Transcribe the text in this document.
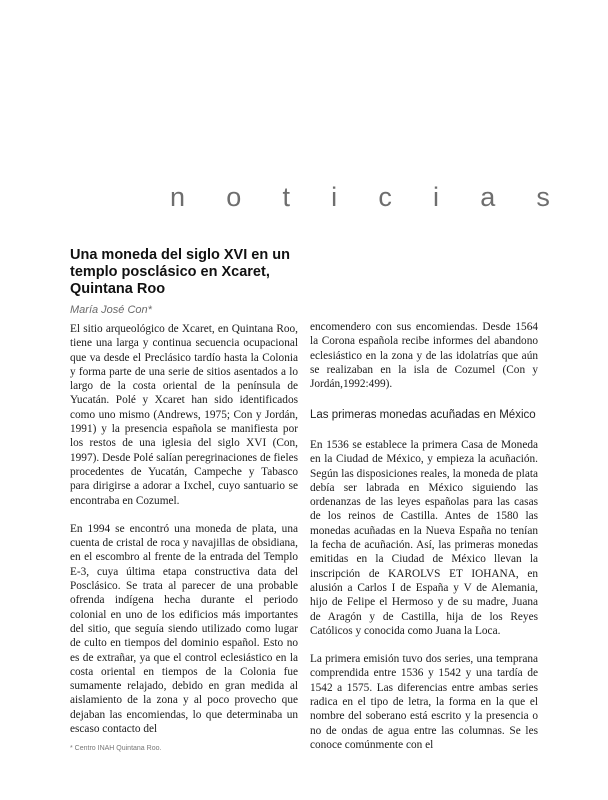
n o t i c i a s
Una moneda del siglo XVI en un templo posclásico en Xcaret, Quintana Roo
María José Con*

El sitio arqueológico de Xcaret, en Quintana Roo, tiene una larga y continua secuencia ocupacional que va desde el Preclásico tardío hasta la Colonia y forma parte de una serie de sitios asentados a lo largo de la costa oriental de la península de Yucatán. Polé y Xcaret han sido identificados como uno mismo (Andrews, 1975; Con y Jordán, 1991) y la presencia española se manifiesta por los restos de una iglesia del siglo XVI (Con, 1997). Desde Polé salían peregrinaciones de fieles procedentes de Yucatán, Campeche y Tabasco para dirigirse a adorar a Ixchel, cuyo santuario se encontraba en Cozumel.

En 1994 se encontró una moneda de plata, una cuenta de cristal de roca y navajillas de obsidiana, en el escombro al frente de la entrada del Templo E-3, cuya última etapa constructiva data del Posclásico. Se trata al parecer de una probable ofrenda indígena hecha durante el periodo colonial en uno de los edificios más importantes del sitio, que seguía siendo utilizado como lugar de culto en tiempos del dominio español. Esto no es de extrañar, ya que el control eclesiástico en la costa oriental en tiempos de la Colonia fue sumamente relajado, debido en gran medida al aislamiento de la zona y al poco provecho que dejaban las encomiendas, lo que determinaba un escaso contacto del

encomendero con sus encomiendas. Desde 1564 la Corona española recibe informes del abandono eclesiástico en la zona y de las idolatrías que aún se realizaban en la isla de Cozumel (Con y Jordán,1992:499).

Las primeras monedas acuñadas en México

En 1536 se establece la primera Casa de Moneda en la Ciudad de México, y empieza la acuñación. Según las disposiciones reales, la moneda de plata debía ser labrada en México siguiendo las ordenanzas de las leyes españolas para las casas de los reinos de Castilla. Antes de 1580 las monedas acuñadas en la Nueva España no tenían la fecha de acuñación. Así, las primeras monedas emitidas en la Ciudad de México llevan la inscripción de KAROLVS ET IOHANA, en alusión a Carlos I de España y V de Alemania, hijo de Felipe el Hermoso y de su madre, Juana de Aragón y de Castilla, hija de los Reyes Católicos y conocida como Juana la Loca.

La primera emisión tuvo dos series, una temprana comprendida entre 1536 y 1542 y una tardía de 1542 a 1575. Las diferencias entre ambas series radica en el tipo de letra, la forma en la que el nombre del soberano está escrito y la presencia o no de ondas de agua entre las columnas. Se les conoce comúnmente con el

* Centro INAH Quintana Roo.
